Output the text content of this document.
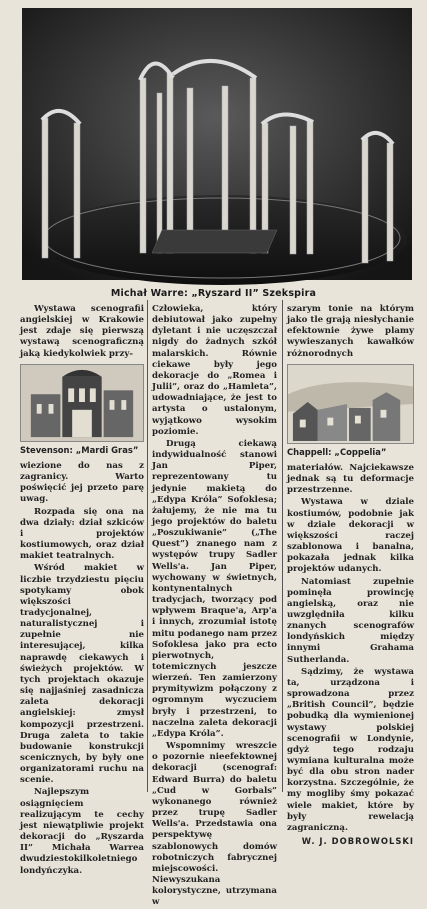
Michał Warre: „Ryszard II” Szekspira

Wystawa scenografii angielskiej w Krakowie jest zdaje się pierwszą wystawą scenograficzną jaką kiedykolwiek przy-

Stevenson: „Mardi Gras”

wiezione do nas z zagranicy. Warto poświęcić jej przeto parę uwag.

Rozpada się ona na dwa działy: dział szkiców i projektów kostiumowych, oraz dział makiet teatralnych.

Wśród makiet w liczbie trzydziestu pięciu spotykamy obok większości tradycjonalnej, naturalistycznej i zupełnie nie interesującej, kilka naprawdę ciekawych i świeżych projektów. W tych projektach okazuje się najjaśniej zasadnicza zaleta dekoracji angielskiej: zmysł kompozycji przestrzeni. Druga zaleta to takie budowanie konstrukcji scenicznych, by były one organizatorami ruchu na scenie.

Najlepszym osiągnięciem realizującym te cechy jest niewątpliwie projekt dekoracji do „Ryszarda II” Michała Warrea dwudziestokilkoletniego londyńczyka.

Człowieka, który debiutował jako zupełny dyletant i nie uczęszczał nigdy do żadnych szkół malarskich. Równie ciekawe były jego dekoracje do „Romea i Julii”, oraz do „Hamleta”, udowadniające, że jest to artysta o ustalonym, wyjątkowo wysokim poziomie.

Drugą ciekawą indywidualność stanowi Jan Piper, reprezentowany tu jedynie makietą do „Edypa Króla” Sofoklesa; żałujemy, że nie ma tu jego projektów do baletu „Poszukiwanie” („The Quest”) znanego nam z występów trupy Sadler Wells'a. Jan Piper, wychowany w świetnych, kontynentalnych tradycjach, tworzący pod wpływem Braque'a, Arp'a i innych, zrozumiał istotę mitu podanego nam przez Sofoklesa jako pra ecto pierwotnych, totemicznych jeszcze wierzeń. Ten zamierzony prymitywizm połączony z ogromnym wyczuciem bryły i przestrzeni, to naczelna zaleta dekoracji „Edypa Króla”.

Wspomnimy wreszcie o pozornie nieefektownej dekoracji (scenograf: Edward Burra) do baletu „Cud w Gorbals” wykonanego również przez trupę Sadler Wells'a. Przedstawia ona perspektywę szablonowych domów robotniczych fabrycznej miejscowości. Niewyszukana kolorystyczne, utrzymana w

szarym tonie na którym jako tle grają niesłychanie efektownie żywe plamy wywieszanych kawałków różnorodnych

Chappell: „Coppelia”

materiałów. Najciekawsze jednak są tu deformacje przestrzenne.

Wystawa w dziale kostiumów, podobnie jak w dziale dekoracji w większości raczej szablonowa i banalna, pokazała jednak kilka projektów udanych.

Natomiast zupełnie pominęła prowincję angielską, oraz nie uwzględniła kilku znanych scenografów londyńskich między innymi Grahama Sutherlanda.

Sądzimy, że wystawa ta, urządzona i sprowadzona przez „British Council”, będzie pobudką dla wymienionej wystawy polskiej scenografii w Londynie, gdyż tego rodzaju wymiana kulturalna może być dla obu stron nader korzystna. Szczególnie, że my mogliby śmy pokazać wiele makiet, które by były rewelacją zagraniczną.

W. J. DOBROWOLSKI
